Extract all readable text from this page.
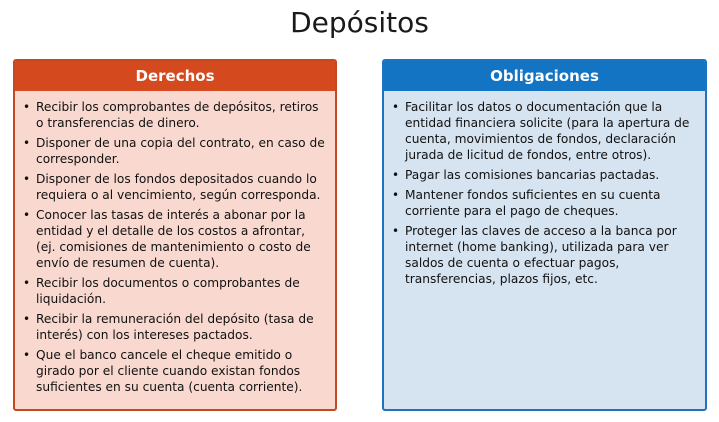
Depósitos
Derechos
• Recibir los comprobantes de depósitos, retiros o transferencias de dinero.
• Disponer de una copia del contrato, en caso de corresponder.
• Disponer de los fondos depositados cuando lo requiera o al vencimiento, según corresponda.
• Conocer las tasas de interés a abonar por la entidad y el detalle de los costos a afrontar, (ej. comisiones de mantenimiento o costo de envío de resumen de cuenta).
• Recibir los documentos o comprobantes de liquidación.
• Recibir la remuneración del depósito (tasa de interés) con los intereses pactados.
• Que el banco cancele el cheque emitido o girado por el cliente cuando existan fondos suficientes en su cuenta (cuenta corriente).
Obligaciones
• Facilitar los datos o documentación que la entidad financiera solicite (para la apertura de cuenta, movimientos de fondos, declaración jurada de licitud de fondos, entre otros).
• Pagar las comisiones bancarias pactadas.
• Mantener fondos suficientes en su cuenta corriente para el pago de cheques.
• Proteger las claves de acceso a la banca por internet (home banking), utilizada para ver saldos de cuenta o efectuar pagos, transferencias, plazos fijos, etc.
